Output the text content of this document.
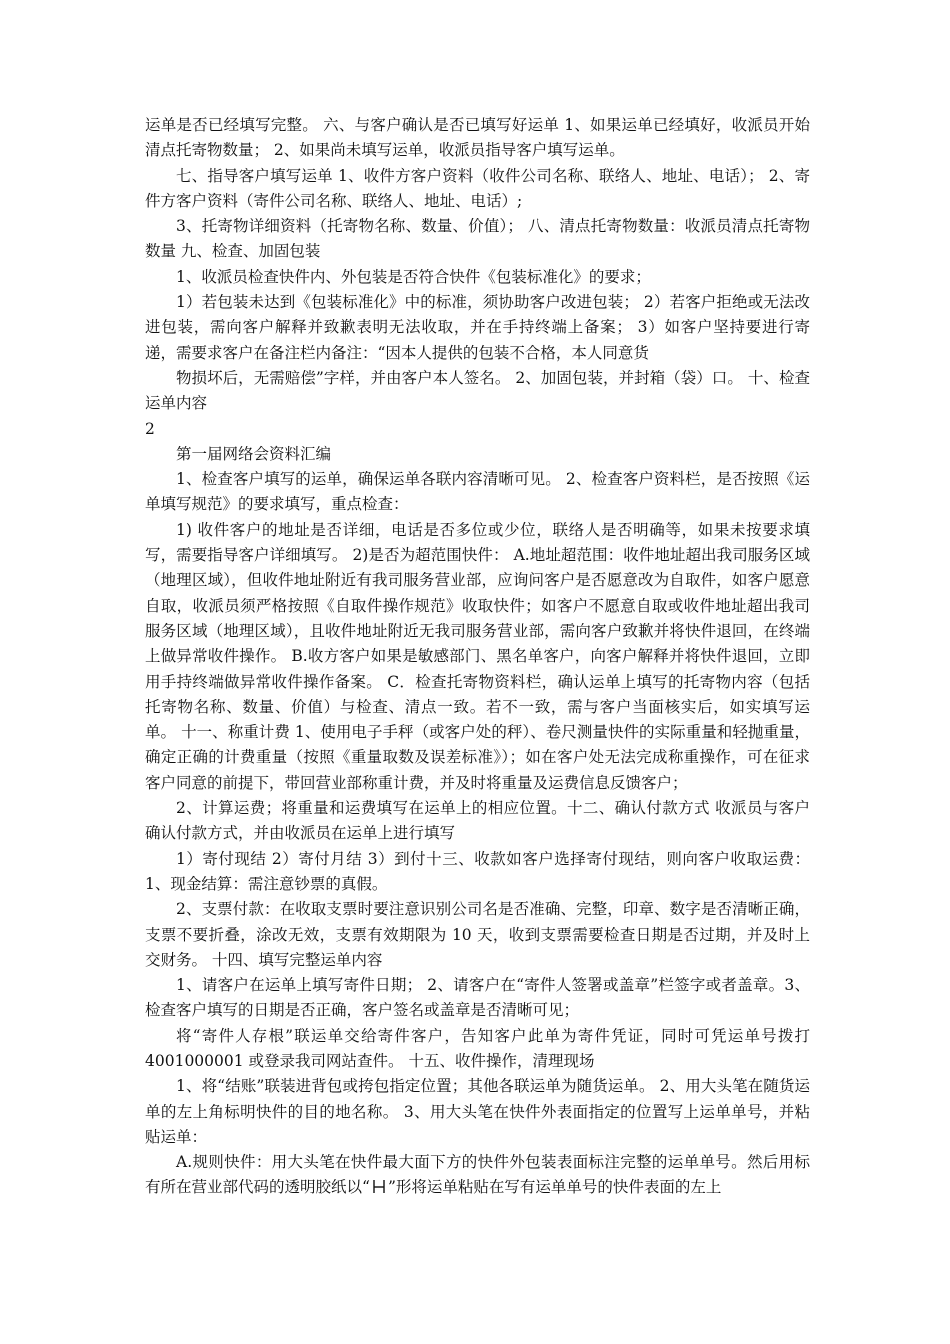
运单是否已经填写完整。 六、与客户确认是否已填写好运单 1、如果运单已经填好，收派员开始清点托寄物数量； 2、如果尚未填写运单，收派员指导客户填写运单。

七、指导客户填写运单 1、收件方客户资料（收件公司名称、联络人、地址、电话）； 2、寄件方客户资料（寄件公司名称、联络人、地址、电话）;

3、托寄物详细资料（托寄物名称、数量、价值）； 八、清点托寄物数量：收派员清点托寄物数量 九、检查、加固包装

1、收派员检查快件内、外包装是否符合快件《包装标准化》的要求；

1）若包装未达到《包装标准化》中的标准，须协助客户改进包装； 2）若客户拒绝或无法改进包装，需向客户解释并致歉表明无法收取，并在手持终端上备案； 3）如客户坚持要进行寄递，需要求客户在备注栏内备注：“因本人提供的包装不合格，本人同意货

物损坏后，无需赔偿”字样，并由客户本人签名。 2、加固包装，并封箱（袋）口。 十、检查运单内容

2

第一届网络会资料汇编

1、检查客户填写的运单，确保运单各联内容清晰可见。 2、检查客户资料栏，是否按照《运单填写规范》的要求填写，重点检查：

1) 收件客户的地址是否详细，电话是否多位或少位，联络人是否明确等，如果未按要求填写，需要指导客户详细填写。 2)是否为超范围快件： A.地址超范围：收件地址超出我司服务区域（地理区域），但收件地址附近有我司服务营业部，应询问客户是否愿意改为自取件，如客户愿意自取，收派员须严格按照《自取件操作规范》收取快件；如客户不愿意自取或收件地址超出我司服务区域（地理区域），且收件地址附近无我司服务营业部，需向客户致歉并将快件退回，在终端上做异常收件操作。 B.收方客户如果是敏感部门、黑名单客户，向客户解释并将快件退回，立即用手持终端做异常收件操作备案。 C．检查托寄物资料栏，确认运单上填写的托寄物内容（包括托寄物名称、数量、价值）与检查、清点一致。若不一致，需与客户当面核实后，如实填写运单。 十一、称重计费 1、使用电子手秤（或客户处的秤）、卷尺测量快件的实际重量和轻抛重量，确定正确的计费重量（按照《重量取数及误差标准》）；如在客户处无法完成称重操作，可在征求客户同意的前提下，带回营业部称重计费，并及时将重量及运费信息反馈客户；

2、计算运费；将重量和运费填写在运单上的相应位置。十二、确认付款方式 收派员与客户确认付款方式，并由收派员在运单上进行填写

1）寄付现结 2）寄付月结 3）到付十三、收款如客户选择寄付现结，则向客户收取运费： 1、现金结算：需注意钞票的真假。

2、支票付款：在收取支票时要注意识别公司名是否准确、完整，印章、数字是否清晰正确，支票不要折叠，涂改无效，支票有效期限为 10 天，收到支票需要检查日期是否过期，并及时上交财务。 十四、填写完整运单内容

1、请客户在运单上填写寄件日期； 2、请客户在“寄件人签署或盖章”栏签字或者盖章。3、检查客户填写的日期是否正确，客户签名或盖章是否清晰可见；

将“寄件人存根”联运单交给寄件客户，告知客户此单为寄件凭证，同时可凭运单号拨打 4001000001 或登录我司网站查件。 十五、收件操作，清理现场

1、将“结账”联装进背包或挎包指定位置；其他各联运单为随货运单。 2、用大头笔在随货运单的左上角标明快件的目的地名称。 3、用大头笔在快件外表面指定的位置写上运单单号，并粘贴运单：

A.规则快件：用大头笔在快件最大面下方的快件外包装表面标注完整的运单单号。然后用标有所在营业部代码的透明胶纸以“ ”形将运单粘贴在写有运单单号的快件表面的左上
